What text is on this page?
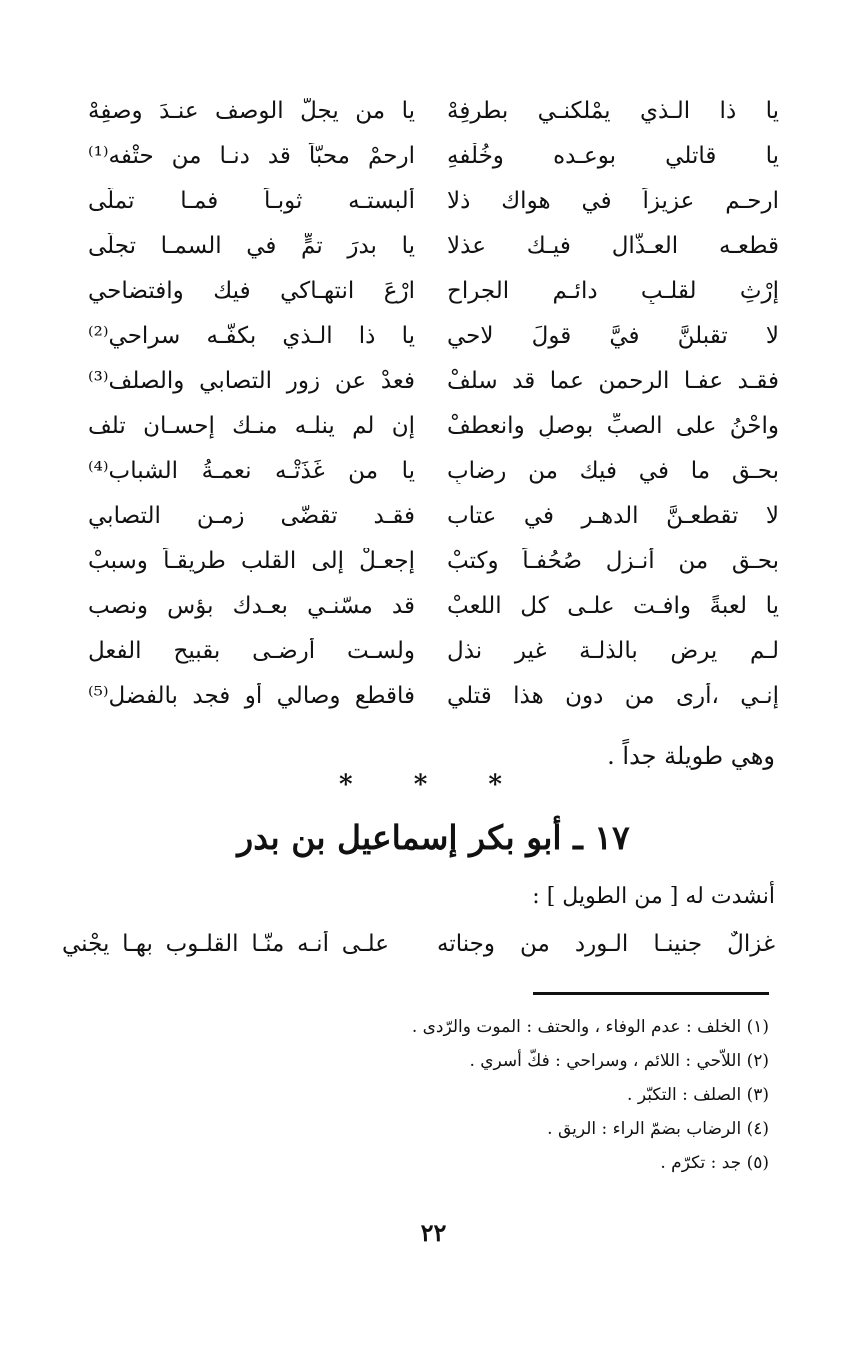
يا ذا الـذي يمْلكنـي بطرفِهْ
يا من يجلُّ الوصف عنـدَ وصفِهْ
يا قاتلي بوعـده وخُلْفهِ
ارحمْ محبّاً قد دنـا من حتْفه⁽¹⁾
ارحـم عزيزاً في هواك ذلا
ألبستـه ثوبـاً فمـا تملّى
قطعـه العـذّال فيـك عذلا
يا بدرَ تمٍّ في السمـا تجلّى
إرْثِ لقلـبٍ دائـمِ الجراحِ
ارْعَ انتهـاكي فيك وافتضاحي
لا تقبلنَّ فيَّ قولَ لاحي
يا ذا الـذي بكفّـه سراحي⁽²⁾
فقـد عفـا الرحمن عما قد سلفْ
فعدْ عن زور التصابي والصلف⁽³⁾
واحْنُ على الصبِّ بوصلٍ وانعطفْ
إن لم ينلـه منـك إحسـان تلف
بحـق ما في فيك من رضابِ
يا من غَذَتْـه نعمـةُ الشباب⁽⁴⁾
لا تقطعـنَّ الدهـر في عتاب
فقـد تقضّى زمـن التصابي
بحـق من أنـزل صُحُفـاً وكتبْ
إجعـلْ إلى القلب طريقـاً وسببْ
يا لعبةً وافـت علـى كل اللعبْ
قد مسّنـي بعـدك بؤس ونصب
لـم يرض بالذلـة غير نذل
ولسـت أرضـى بقبيح الفعل
إنـي ،أرى من دون هذا قتلي
فاقطع وصالي أو فجد بالفضل⁽⁵⁾
وهي طويلة جداً .
* * *
١٧ ـ أبو بكر إسماعيل بن بدر
أنشدت له [ من الطويل ] :
غزالٌ جنينـا الـورد من وجناته
علـى أنـه منّـا القلـوب بهـا يجْني
(١) الخلف : عدم الوفاء ، والحتف : الموت والرّدى .
(٢) اللاّحي : اللائم ، وسراحي : فكّ أسري .
(٣) الصلف : التكبّر .
(٤) الرضاب بضمّ الراء : الريق .
(٥) جد : تكرّم .
٢٢
